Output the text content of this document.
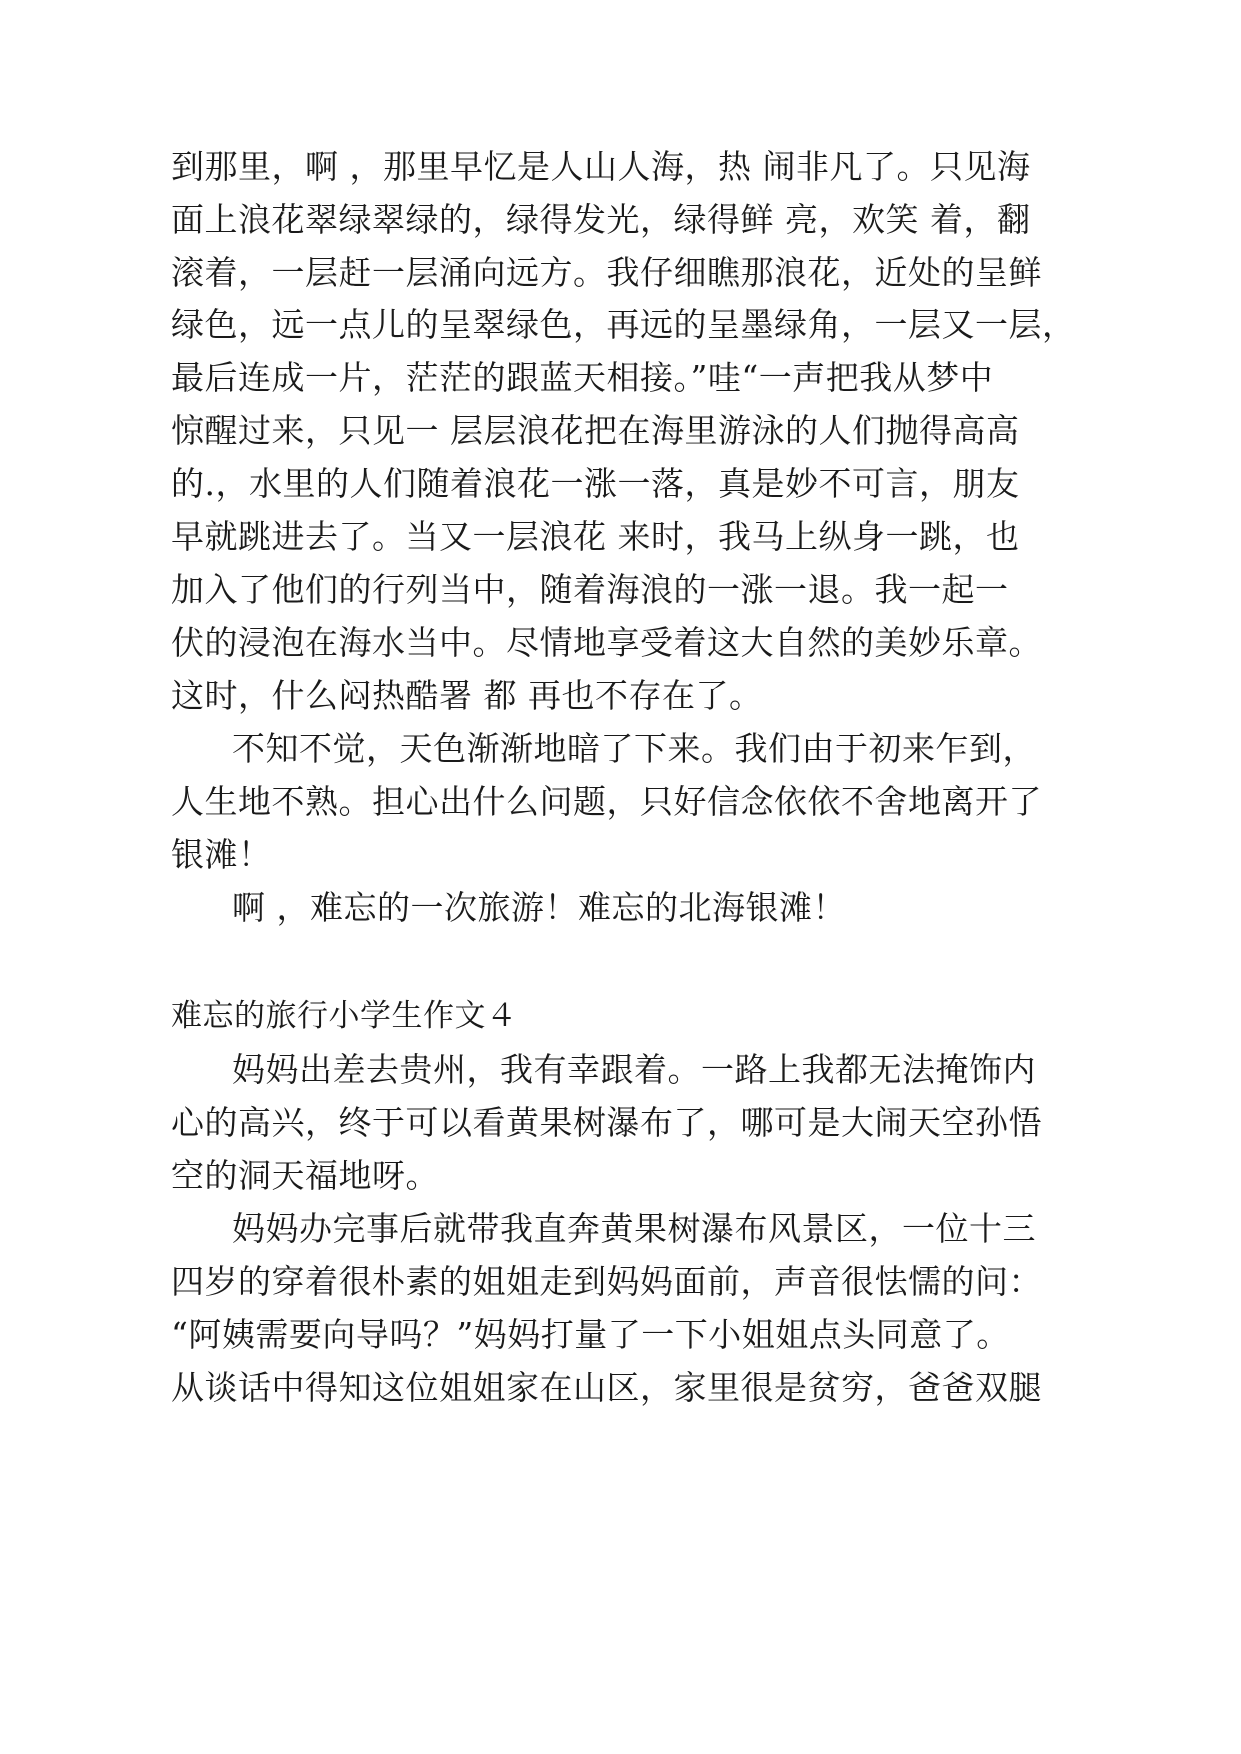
到那里，啊 ，那里早忆是人山人海，热 闹非凡了。只见海

面上浪花翠绿翠绿的，绿得发光，绿得鲜 亮，欢笑 着，翻

滚着，一层赶一层涌向远方。我仔细瞧那浪花，近处的呈鲜

绿色，远一点儿的呈翠绿色，再远的呈墨绿角，一层又一层，

最后连成一片，茫茫的跟蓝天相接。”哇“一声把我从梦中

惊醒过来，只见一 层层浪花把在海里游泳的人们抛得高高

的.，水里的人们随着浪花一涨一落，真是妙不可言，朋友

早就跳进去了。当又一层浪花 来时，我马上纵身一跳，也

加入了他们的行列当中，随着海浪的一涨一退。我一起一

伏的浸泡在海水当中。尽情地享受着这大自然的美妙乐章。

这时，什么闷热酷署 都 再也不存在了。

不知不觉，天色渐渐地暗了下来。我们由于初来乍到，

人生地不熟。担心出什么问题，只好信念依依不舍地离开了

银滩！

啊 ，难忘的一次旅游！难忘的北海银滩！

难忘的旅行小学生作文４

妈妈出差去贵州，我有幸跟着。一路上我都无法掩饰内

心的高兴，终于可以看黄果树瀑布了，哪可是大闹天空孙悟

空的洞天福地呀。

妈妈办完事后就带我直奔黄果树瀑布风景区，一位十三

四岁的穿着很朴素的姐姐走到妈妈面前，声音很怯懦的问：

“阿姨需要向导吗？”妈妈打量了一下小姐姐点头同意了。

从谈话中得知这位姐姐家在山区，家里很是贫穷，爸爸双腿
